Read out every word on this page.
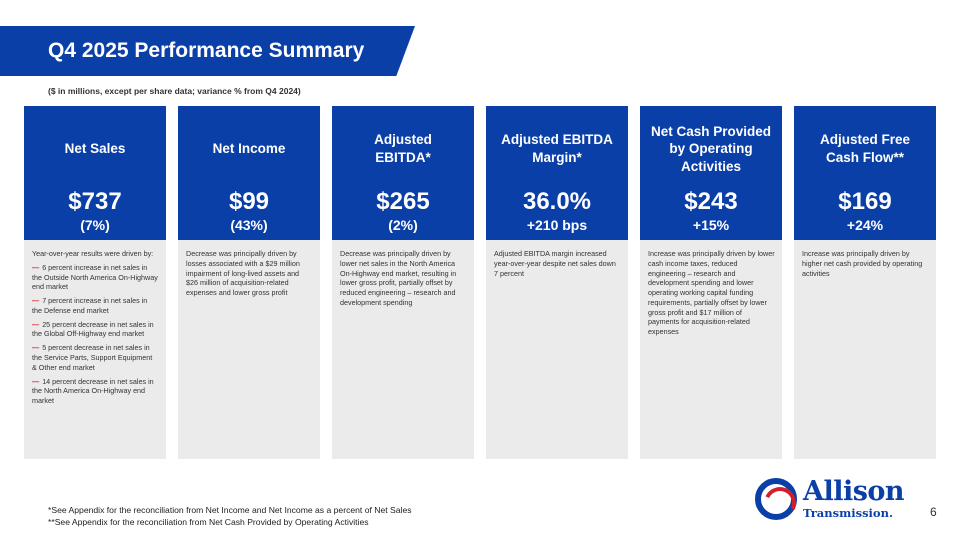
Q4 2025 Performance Summary
($ in millions, except per share data; variance % from Q4 2024)
Net Sales
$737
(7%)
Year-over-year results were driven by:
— 6 percent increase in net sales in the Outside North America On-Highway end market
— 7 percent increase in net sales in the Defense end market
— 25 percent decrease in net sales in the Global Off-Highway end market
— 5 percent decrease in net sales in the Service Parts, Support Equipment & Other end market
— 14 percent decrease in net sales in the North America On-Highway end market
Net Income
$99
(43%)
Decrease was principally driven by losses associated with a $29 million impairment of long-lived assets and $26 million of acquisition-related expenses and lower gross profit
Adjusted
EBITDA*
$265
(2%)
Decrease was principally driven by lower net sales in the North America On-Highway end market, resulting in lower gross profit, partially offset by reduced engineering – research and development spending
Adjusted EBITDA
Margin*
36.0%
+210 bps
Adjusted EBITDA margin increased year-over-year despite net sales down 7 percent
Net Cash Provided
by Operating
Activities
$243
+15%
Increase was principally driven by lower cash income taxes, reduced engineering – research and development spending and lower operating working capital funding requirements, partially offset by lower gross profit and $17 million of payments for acquisition-related expenses
Adjusted Free
Cash Flow**
$169
+24%
Increase was principally driven by higher net cash provided by operating activities
*See Appendix for the reconciliation from Net Income and Net Income as a percent of Net Sales
**See Appendix for the reconciliation from Net Cash Provided by Operating Activities
Allison
Transmission.	6
